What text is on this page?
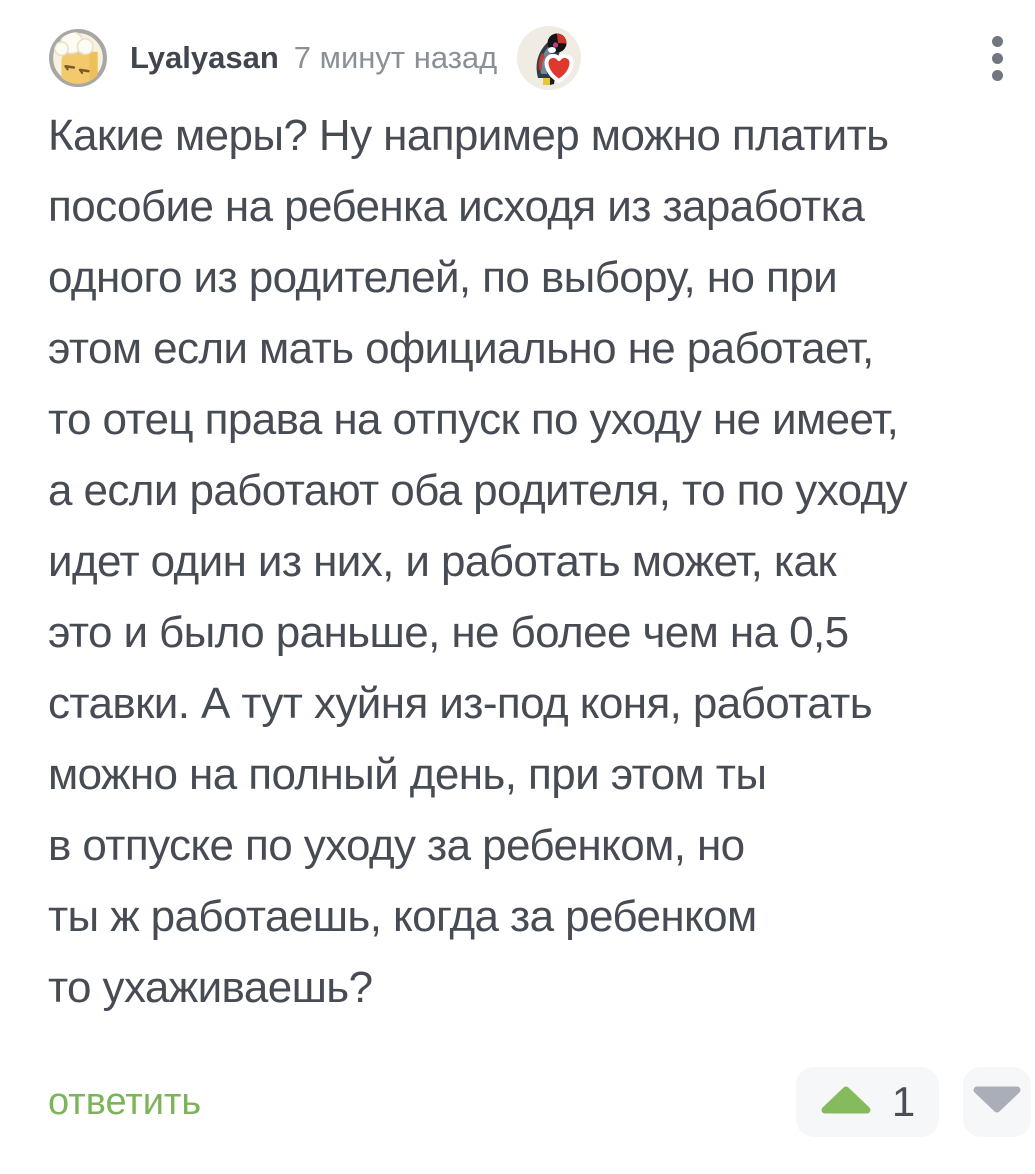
Lyalyasan 7 минут назад
Какие меры? Ну например можно платить
пособие на ребенка исходя из заработка
одного из родителей, по выбору, но при
этом если мать официально не работает,
то отец права на отпуск по уходу не имеет,
а если работают оба родителя, то по уходу
идет один из них, и работать может, как
это и было раньше, не более чем на 0,5
ставки. А тут хуйня из-под коня, работать
можно на полный день, при этом ты
в отпуске по уходу за ребенком, но
ты ж работаешь, когда за ребенком
то ухаживаешь?
ответить	1
